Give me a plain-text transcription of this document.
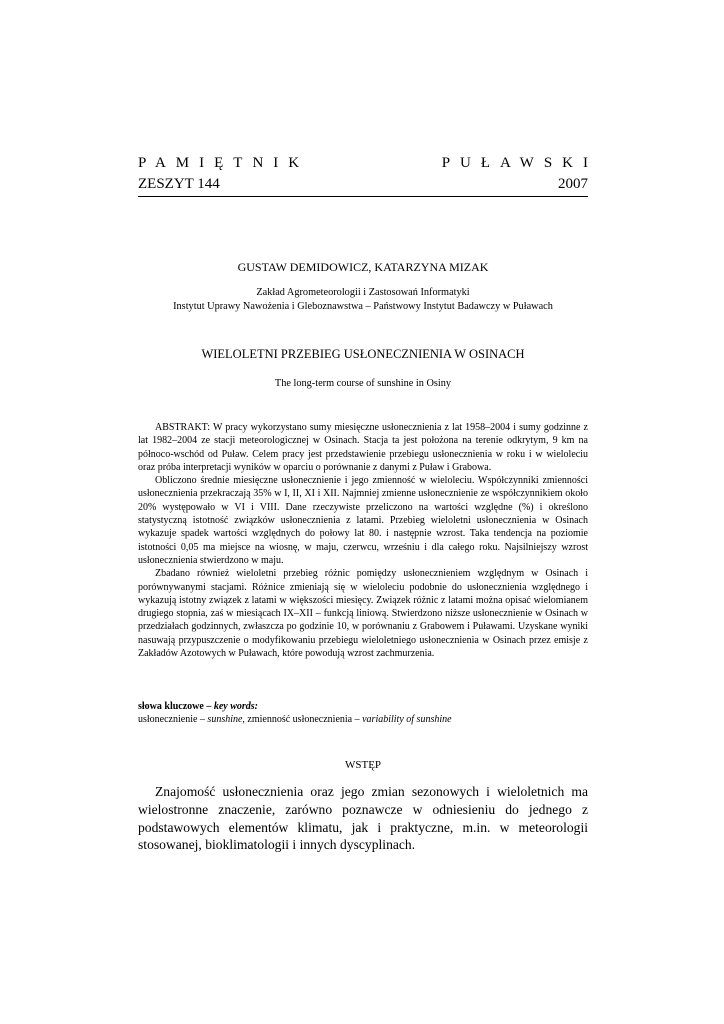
PAMIĘTNIK	PUŁAWSKI
ZESZYT 144	2007
GUSTAW DEMIDOWICZ, KATARZYNA MIZAK
Zakład Agrometeorologii i Zastosowań Informatyki
Instytut Uprawy Nawożenia i Gleboznawstwa – Państwowy Instytut Badawczy w Puławach
WIELOLETNI PRZEBIEG USŁONECZNIENIA W OSINACH
The long-term course of sunshine in Osiny

ABSTRAKT: W pracy wykorzystano sumy miesięczne usłonecznienia z lat 1958–2004 i sumy godzinne z lat 1982–2004 ze stacji meteorologicznej w Osinach. Stacja ta jest położona na terenie odkrytym, 9 km na północo-wschód od Puław. Celem pracy jest przedstawienie przebiegu usłonecznienia w roku i w wieloleciu oraz próba interpretacji wyników w oparciu o porównanie z danymi z Puław i Grabowa.

Obliczono średnie miesięczne usłonecznienie i jego zmienność w wieloleciu. Współczynniki zmienności usłonecznienia przekraczają 35% w I, II, XI i XII. Najmniej zmienne usłonecznienie ze współczynnikiem około 20% występowało w VI i VIII. Dane rzeczywiste przeliczono na wartości względne (%) i określono statystyczną istotność związków usłonecznienia z latami. Przebieg wieloletni usłonecznienia w Osinach wykazuje spadek wartości względnych do połowy lat 80. i następnie wzrost. Taka tendencja na poziomie istotności 0,05 ma miejsce na wiosnę, w maju, czerwcu, wrześniu i dla całego roku. Najsilniejszy wzrost usłonecznienia stwierdzono w maju.

Zbadano również wieloletni przebieg różnic pomiędzy usłonecznieniem względnym w Osinach i porównywanymi stacjami. Różnice zmieniają się w wieloleciu podobnie do usłonecznienia względnego i wykazują istotny związek z latami w większości miesięcy. Związek różnic z latami można opisać wielomianem drugiego stopnia, zaś w miesiącach IX–XII – funkcją liniową. Stwierdzono niższe usłonecznienie w Osinach w przedziałach godzinnych, zwłaszcza po godzinie 10, w porównaniu z Grabowem i Puławami. Uzyskane wyniki nasuwają przypuszczenie o modyfikowaniu przebiegu wieloletniego usłonecznienia w Osinach przez emisje z Zakładów Azotowych w Puławach, które powodują wzrost zachmurzenia.

słowa kluczowe – key words:
usłonecznienie – sunshine, zmienność usłonecznienia – variability of sunshine
WSTĘP

Znajomość usłonecznienia oraz jego zmian sezonowych i wieloletnich ma wielostronne znaczenie, zarówno poznawcze w odniesieniu do jednego z podstawowych elementów klimatu, jak i praktyczne, m.in. w meteorologii stosowanej, bioklimatologii i innych dyscyplinach.
